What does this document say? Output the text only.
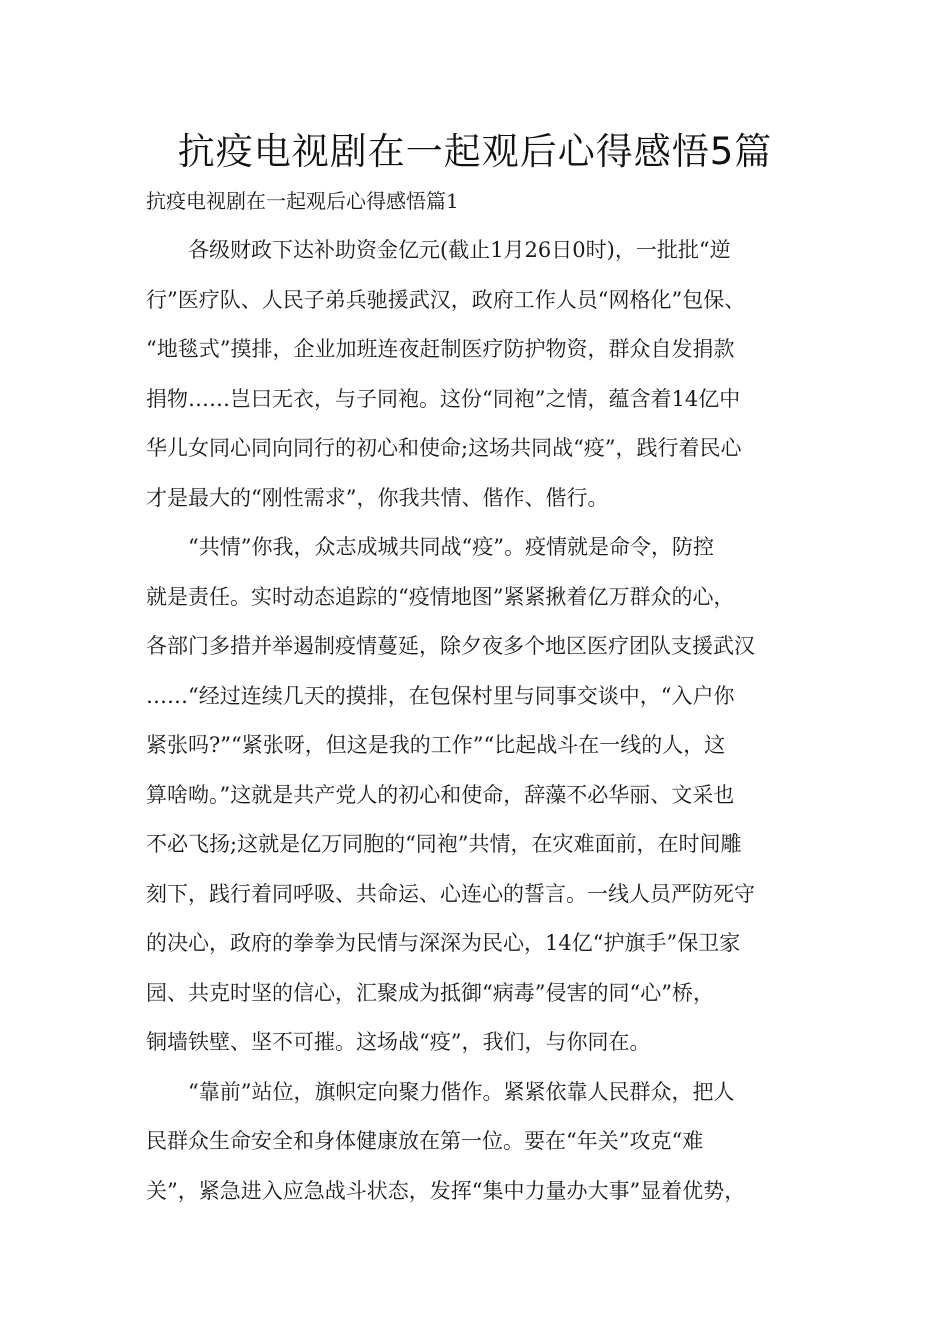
抗疫电视剧在一起观后心得感悟5篇
抗疫电视剧在一起观后心得感悟篇1
各级财政下达补助资金亿元(截止1月26日0时)，一批批“逆
行”医疗队、人民子弟兵驰援武汉，政府工作人员“网格化”包保、
“地毯式”摸排，企业加班连夜赶制医疗防护物资，群众自发捐款
捐物……岂曰无衣，与子同袍。这份“同袍”之情，蕴含着14亿中
华儿女同心同向同行的初心和使命;这场共同战“疫”，践行着民心
才是最大的“刚性需求”，你我共情、偕作、偕行。
“共情”你我，众志成城共同战“疫”。疫情就是命令，防控
就是责任。实时动态追踪的“疫情地图”紧紧揪着亿万群众的心，
各部门多措并举遏制疫情蔓延，除夕夜多个地区医疗团队支援武汉
……“经过连续几天的摸排，在包保村里与同事交谈中，“入户你
紧张吗?”“紧张呀，但这是我的工作”“比起战斗在一线的人，这
算啥呦。”这就是共产党人的初心和使命，辞藻不必华丽、文采也
不必飞扬;这就是亿万同胞的“同袍”共情，在灾难面前，在时间雕
刻下，践行着同呼吸、共命运、心连心的誓言。一线人员严防死守
的决心，政府的拳拳为民情与深深为民心，14亿“护旗手”保卫家
园、共克时坚的信心，汇聚成为抵御“病毒”侵害的同“心”桥，
铜墙铁壁、坚不可摧。这场战“疫”，我们，与你同在。
“靠前”站位，旗帜定向聚力偕作。紧紧依靠人民群众，把人
民群众生命安全和身体健康放在第一位。要在“年关”攻克“难
关”，紧急进入应急战斗状态，发挥“集中力量办大事”显着优势，
